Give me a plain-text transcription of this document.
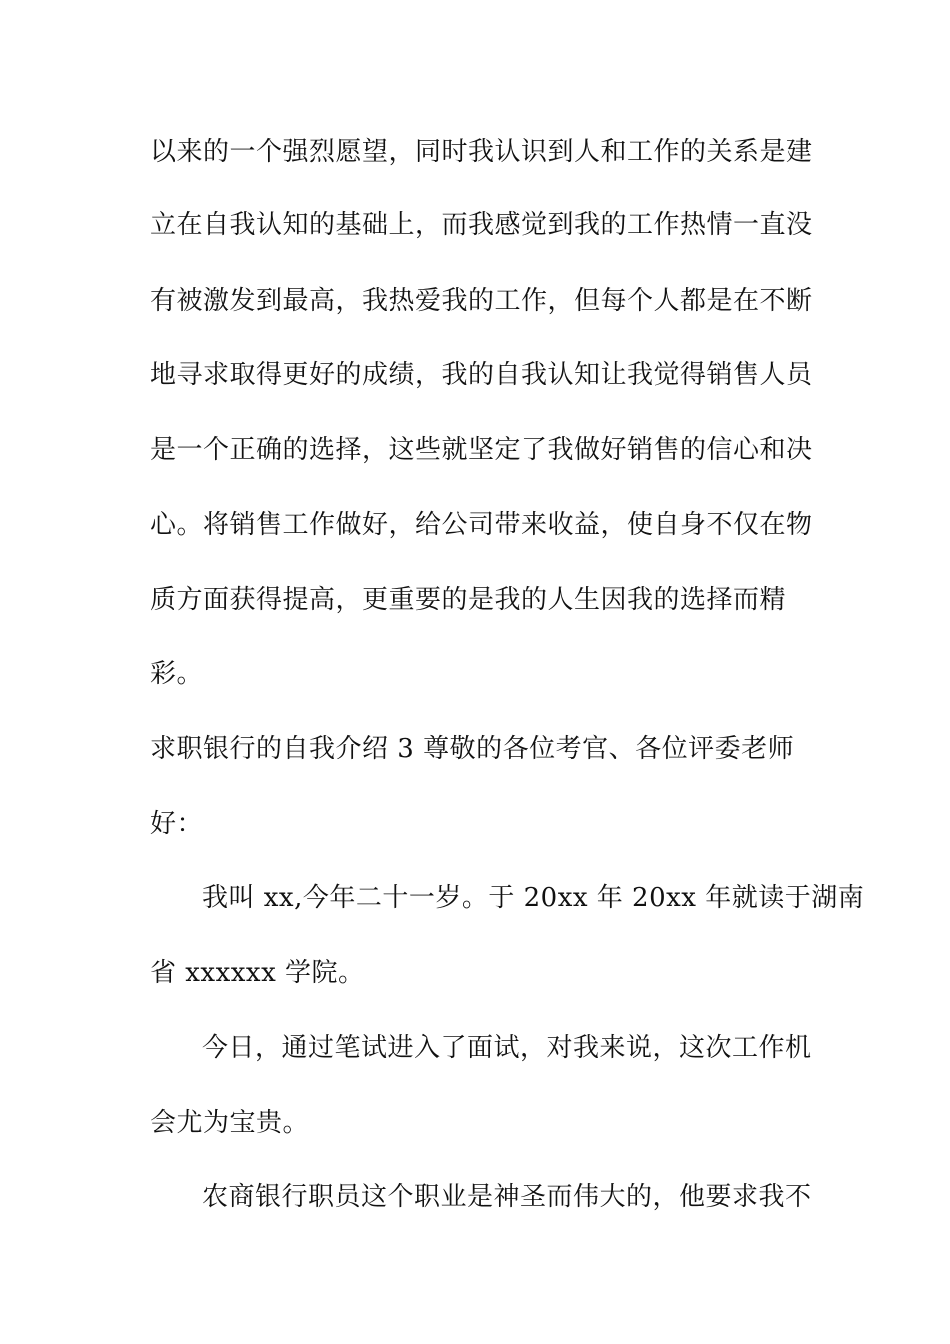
以来的一个强烈愿望，同时我认识到人和工作的关系是建
立在自我认知的基础上，而我感觉到我的工作热情一直没
有被激发到最高，我热爱我的工作，但每个人都是在不断
地寻求取得更好的成绩，我的自我认知让我觉得销售人员
是一个正确的选择，这些就坚定了我做好销售的信心和决
心。将销售工作做好，给公司带来收益，使自身不仅在物
质方面获得提高，更重要的是我的人生因我的选择而精
彩。
求职银行的自我介绍 3 尊敬的各位考官、各位评委老师
好：
我叫 xx,今年二十一岁。于 20xx 年 20xx 年就读于湖南
省 xxxxxx 学院。
今日，通过笔试进入了面试，对我来说，这次工作机
会尤为宝贵。
农商银行职员这个职业是神圣而伟大的，他要求我不
